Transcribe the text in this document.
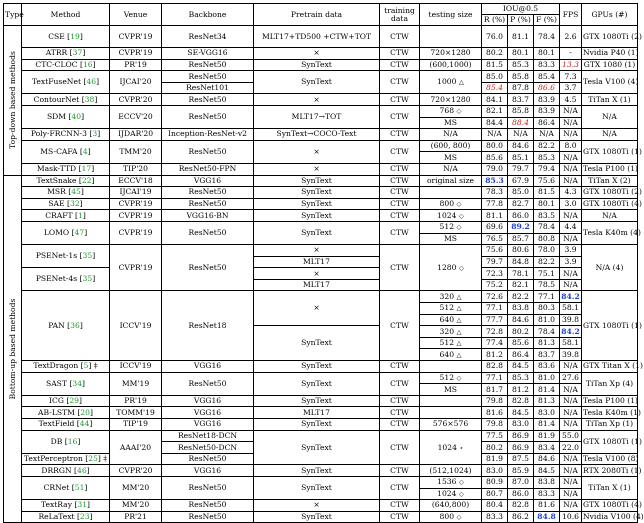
Type	Method	Venue	Backbone	Pretrain data	training data	testing size	IOU@0.5			FPS	GPUs (#)
							R (%)	P (%)	F (%)		

Top-down based methods	CSE [19]	CVPR'19	ResNet34	MLT17+TD500 +CTW+TOT	CTW		76.0	81.1	78.4	2.6	GTX 1080Ti (2)
	ATRR [37]	CVPR'19	SE-VGG16	×	CTW	720×1280	80.2	80.1	80.1	-	Nvidia P40 (1)
	CTC-CLOC [16]	PR'19	ResNet50	SynText	CTW	(600,1000)	81.5	85.3	83.3	13.3	GTX 1080 (1)
	TextFuseNet [46]	IJCAI'20	ResNet50	SynText	CTW	1000 △	85.0	85.8	85.4	7.3	Tesla V100 (4)
			ResNet101				85.4	87.8	86.6	3.7	
	ContourNet [38]	CVPR'20	ResNet50	×	CTW	720×1280	84.1	83.7	83.9	4.5	TiTan X (1)
	SDM [40]	ECCV'20	ResNet50	MLT17→TOT	CTW	768 ◇	82.1	85.8	83.9	N/A	N/A
						MS	84.4	88.4	86.4	N/A	
	Poly-FRCNN-3 [3]	IJDAR'20	Inception-ResNet-v2	SynText→COCO-Text	CTW	N/A	N/A	N/A	N/A	N/A	N/A
	MS-CAFA [4]	TMM'20	ResNet50	×	CTW	(600, 800)	80.0	84.6	82.2	8.0	GTX 1080Ti (1)
						MS	85.6	85.1	85.3	N/A	
	Mask-TTD [17]	TIP'20	ResNet50-FPN	×	CTW	N/A	79.0	79.7	79.4	N/A	Tesla P100 (1)

Bottom-up based methods	TextSnake [22]	ECCV'18	VGG16	SynText	CTW	original size	85.3	67.9	75.6	N/A	TiTan X (2)
	MSR [45]	IJCAI'19	ResNet50	SynText	CTW		78.3	85.0	81.5	4.3	GTX 1080Ti (2)
	SAE [32]	CVPR'19	ResNet50	SynText	CTW	800 ◇	77.8	82.7	80.1	3.0	GTX 1080Ti (4)
	CRAFT [1]	CVPR'19	VGG16-BN	SynText	CTW	1024 ◇	81.1	86.0	83.5	N/A	N/A
	LOMO [47]	CVPR'19	ResNet50	SynText	CTW	512 ◇	69.6	89.2	78.4	4.4	Tesla K40m (4)
						MS	76.5	85.7	80.8	N/A	
	PSENet-1s [35]	CVPR'19	ResNet50	×	CTW	1280 ◇	75.6	80.6	78.0	3.9	N/A (4)
				MLT17			79.7	84.8	82.2	3.9	
	PSENet-4s [35]			×			72.3	78.1	75.1	N/A	
				MLT17			75.2	82.1	78.5	N/A	
	PAN [36]	ICCV'19	ResNet18	×	CTW	320 △	72.6	82.2	77.1	84.2	GTX 1080Ti (1)
						512 △	77.1	83.8	80.3	58.1	
						640 △	77.7	84.6	81.0	39.8	
				SynText		320 △	72.8	80.2	78.4	84.2	
						512 △	77.4	85.6	81.3	58.1	
						640 △	81.2	86.4	83.7	39.8	
	TextDragon [5] ‡	ICCV'19	VGG16	SynText	CTW		82.8	84.5	83.6	N/A	GTX Titan X (1)
	SAST [34]	MM'19	ResNet50	SynText	CTW	512 ◇	77.1	85.3	81.0	27.6	TiTan Xp (4)
						MS	81.7	81.2	81.4	N/A	
	ICG [29]	PR'19	VGG16	SynText	CTW		79.8	82.8	81.3	N/A	Tesla P100 (1)
	AB-LSTM [20]	TOMM'19	VGG16	MLT17	CTW		81.6	84.5	83.0	N/A	Tesla K40m (1)
	TextField [44]	TIP'19	VGG16	SynText	CTW	576×576	79.8	83.0	81.4	N/A	TiTan Xp (1)
	DB [16]	AAAI'20	ResNet18-DCN	SynText	CTW	1024 ⋆	77.5	86.9	81.9	55.0	GTX 1080Ti (1)
			ResNet50-DCN				80.2	86.9	83.4	22.0	
	TextPerceptron [25] ‡		ResNet50				81.9	87.5	84.6	N/A	Tesla V100 (8)
	DRRGN [46]	CVPR'20	VGG16	SynText	CTW	(512,1024)	83.0	85.9	84.5	N/A	RTX 2080Ti (1)
	CRNet [51]	MM'20	ResNet50	SynText	CTW	1536 ◇	80.9	87.0	83.8	N/A	TiTan X (1)
						1024 ◇	80.7	86.0	83.3	N/A	
	TextRay [31]	MM'20	ResNet50	×	CTW	(640,800)	80.4	82.8	81.6	N/A	GTX 1080Ti (4)
	ReLaText [23]	PR'21	ResNet50	SynText	CTW	800 ◇	83.3	86.2	84.8	10.6	Nvidia V100 (4)
